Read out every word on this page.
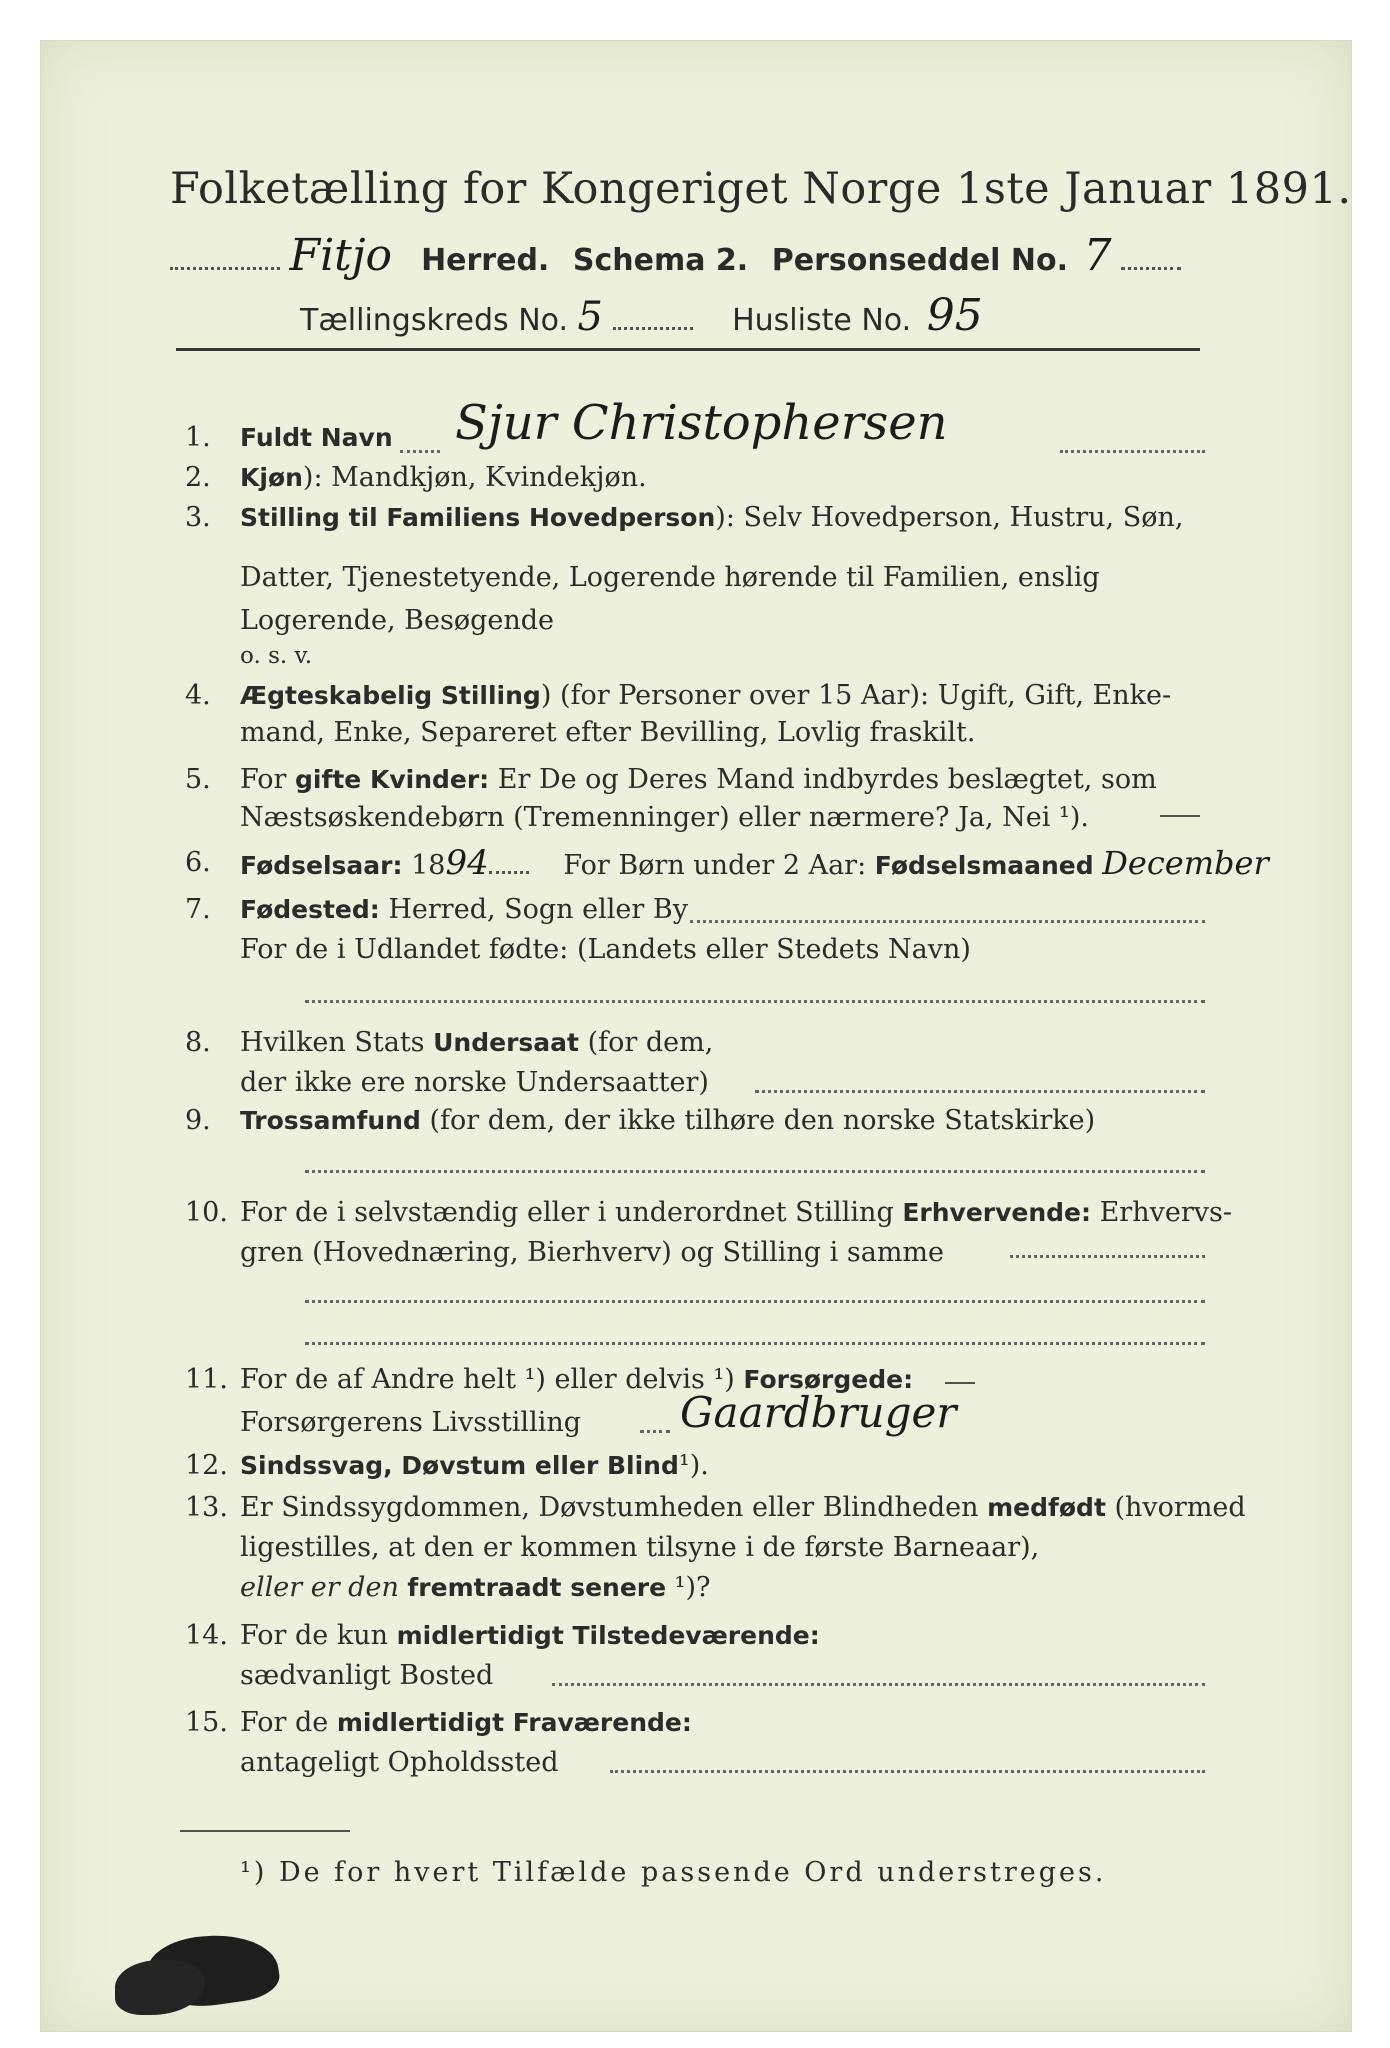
Folketælling for Kongeriget Norge 1ste Januar 1891.
Fitjo Herred. Schema 2. Personseddel No. 7
Tællingskreds No. 5	Husliste No. 95
1.	Fuldt Navn Sjur Christophersen
2.	Kjøn): Mandkjøn, Kvindekjøn.
3.	Stilling til Familiens Hovedperson): Selv Hovedperson, Hustru, Søn,
Datter, Tjenestetyende, Logerende hørende til Familien, enslig
Logerende, Besøgende
o. s. v.
4.	Ægteskabelig Stilling) (for Personer over 15 Aar): Ugift, Gift, Enke-
mand, Enke, Separeret efter Bevilling, Lovlig fraskilt.
5.	For gifte Kvinder: Er De og Deres Mand indbyrdes beslægtet, som
Næstsøskendebørn (Tremenninger) eller nærmere? Ja, Nei ¹).
6.	Fødselsaar: 1894	For Børn under 2 Aar: Fødselsmaaned December
7.	Fødested: Herred, Sogn eller By
For de i Udlandet fødte: (Landets eller Stedets Navn)
8.	Hvilken Stats Undersaat (for dem,
der ikke ere norske Undersaatter)
9.	Trossamfund (for dem, der ikke tilhøre den norske Statskirke)
10. For de i selvstændig eller i underordnet Stilling Erhvervende: Erhvervs-
gren (Hovednæring, Bierhverv) og Stilling i samme
11. For de af Andre helt ¹) eller delvis ¹) Forsørgede:
Forsørgerens Livsstilling Gaardbruger
12. Sindssvag, Døvstum eller Blind¹).
13. Er Sindssygdommen, Døvstumheden eller Blindheden medfødt (hvormed
ligestilles, at den er kommen tilsyne i de første Barneaar),
eller er den fremtraadt senere ¹)?
14. For de kun midlertidigt Tilstedeværende:
sædvanligt Bosted
15. For de midlertidigt Fraværende:
antageligt Opholdssted
¹) De for hvert Tilfælde passende Ord understreges.
